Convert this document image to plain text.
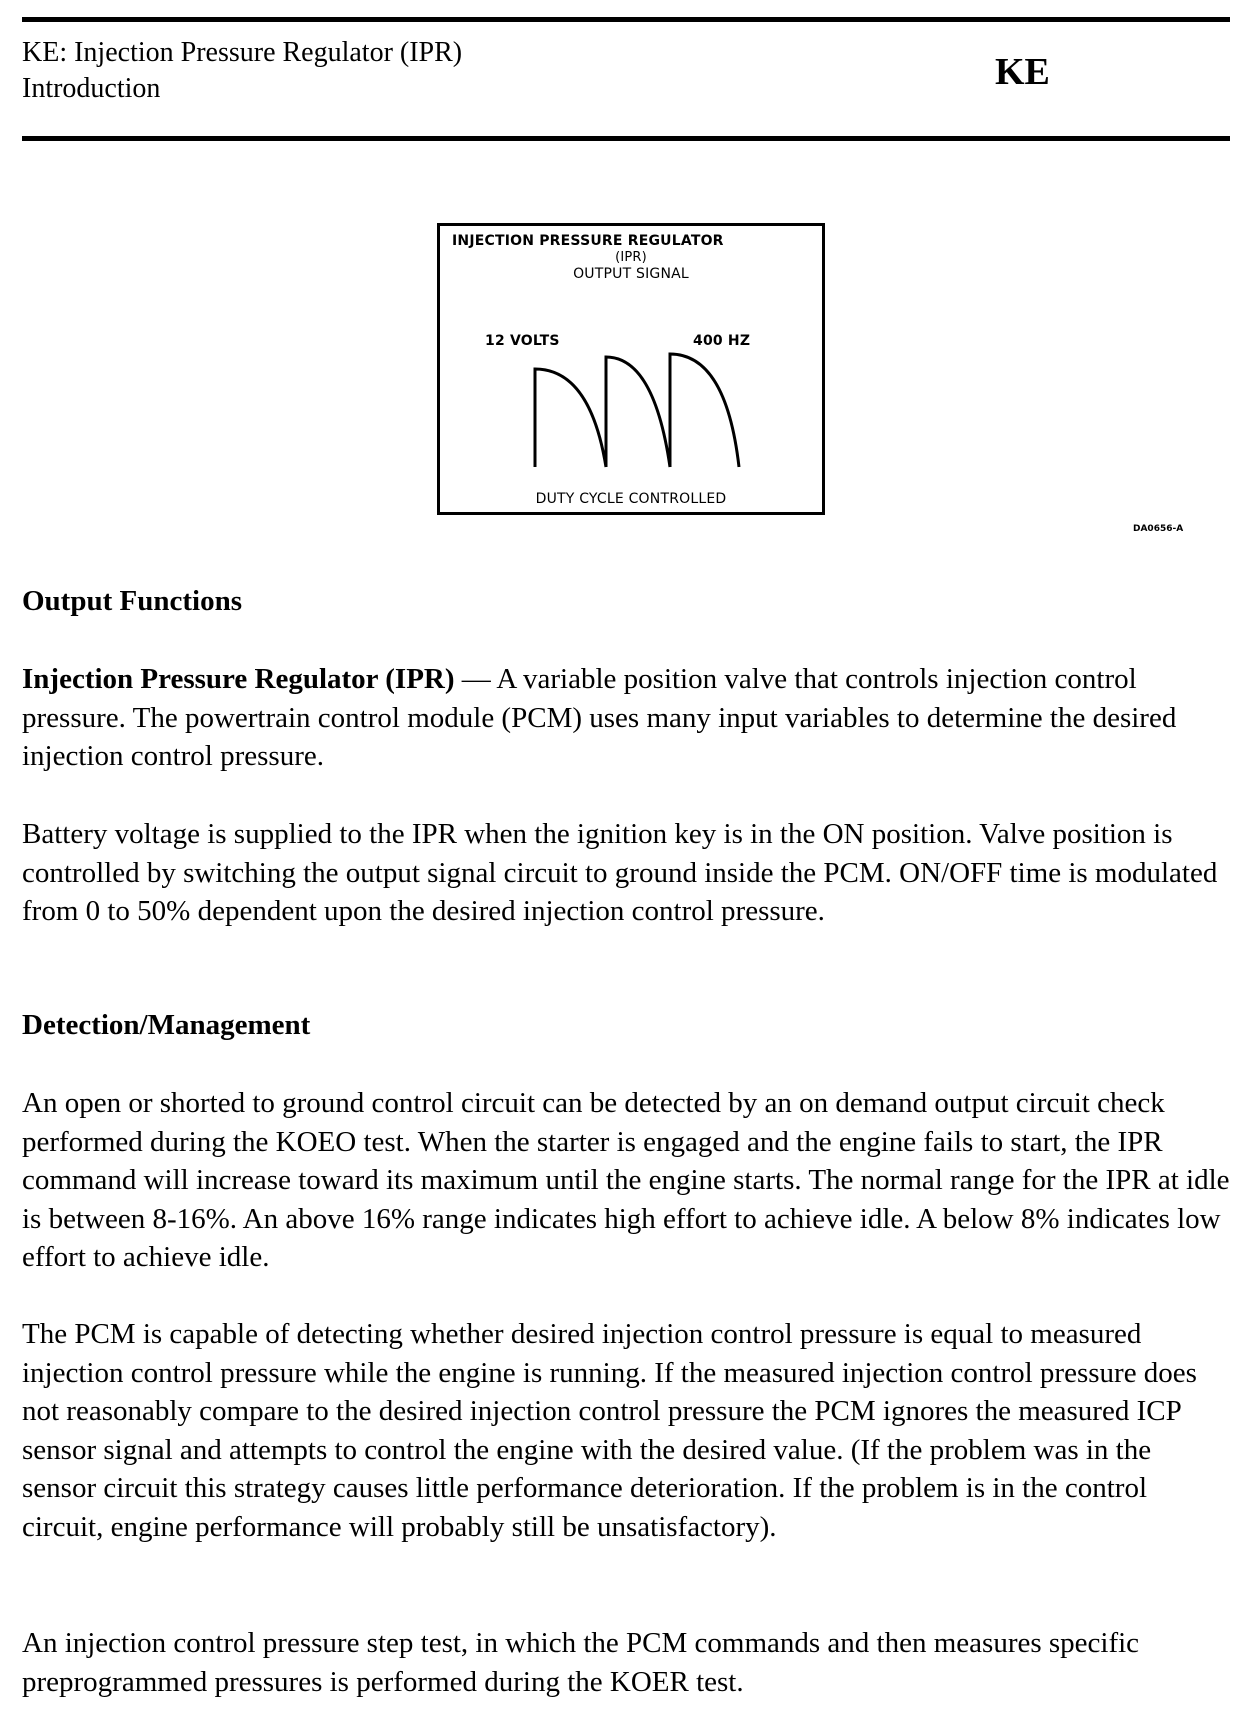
KE: Injection Pressure Regulator (IPR)
Introduction	KE
INJECTION PRESSURE REGULATOR
(IPR)
OUTPUT SIGNAL
12 VOLTS	400 HZ
DUTY CYCLE CONTROLLED
DA0656-A
Output Functions

Injection Pressure Regulator (IPR) — A variable position valve that controls injection control pressure. The powertrain control module (PCM) uses many input variables to determine the desired injection control pressure.

Battery voltage is supplied to the IPR when the ignition key is in the ON position. Valve position is controlled by switching the output signal circuit to ground inside the PCM. ON/OFF time is modulated from 0 to 50% dependent upon the desired injection control pressure.

Detection/Management

An open or shorted to ground control circuit can be detected by an on demand output circuit check performed during the KOEO test. When the starter is engaged and the engine fails to start, the IPR command will increase toward its maximum until the engine starts. The normal range for the IPR at idle is between 8-16%. An above 16% range indicates high effort to achieve idle. A below 8% indicates low effort to achieve idle.

The PCM is capable of detecting whether desired injection control pressure is equal to measured injection control pressure while the engine is running. If the measured injection control pressure does not reasonably compare to the desired injection control pressure the PCM ignores the measured ICP sensor signal and attempts to control the engine with the desired value. (If the problem was in the sensor circuit this strategy causes little performance deterioration. If the problem is in the control circuit, engine performance will probably still be unsatisfactory).

An injection control pressure step test, in which the PCM commands and then measures specific preprogrammed pressures is performed during the KOER test.
